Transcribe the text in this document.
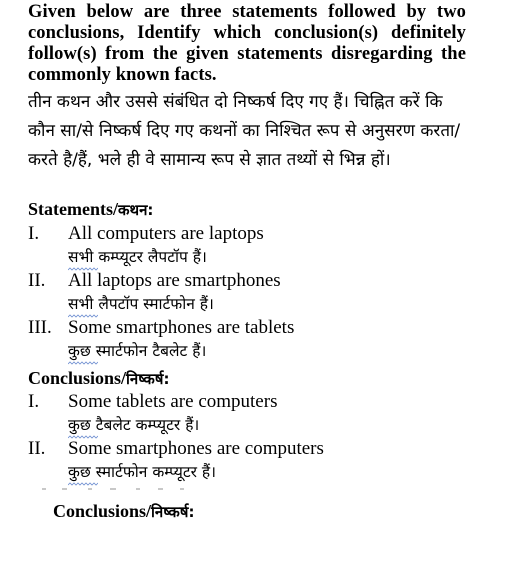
Given below are three statements followed by two conclusions, Identify which conclusion(s) definitely follow(s) from the given statements disregarding the commonly known facts.
तीन कथन और उससे संबंधित दो निष्कर्ष दिए गए हैं। चिह्नित करें कि कौन सा/से निष्कर्ष दिए गए कथनों का निश्चित रूप से अनुसरण करता/करते है/हैं, भले ही वे सामान्य रूप से ज्ञात तथ्यों से भिन्न हों।
Statements/कथन:
I. All computers are laptops
सभी कम्प्यूटर लैपटॉप हैं।
II. All laptops are smartphones
सभी लैपटॉप स्मार्टफोन हैं।
III. Some smartphones are tablets
कुछ स्मार्टफोन टैबलेट हैं।
Conclusions/निष्कर्ष:
I. Some tablets are computers
कुछ टैबलेट कम्प्यूटर हैं।
II. Some smartphones are computers
कुछ स्मार्टफोन कम्प्यूटर हैं।
Conclusions/निष्कर्ष:
